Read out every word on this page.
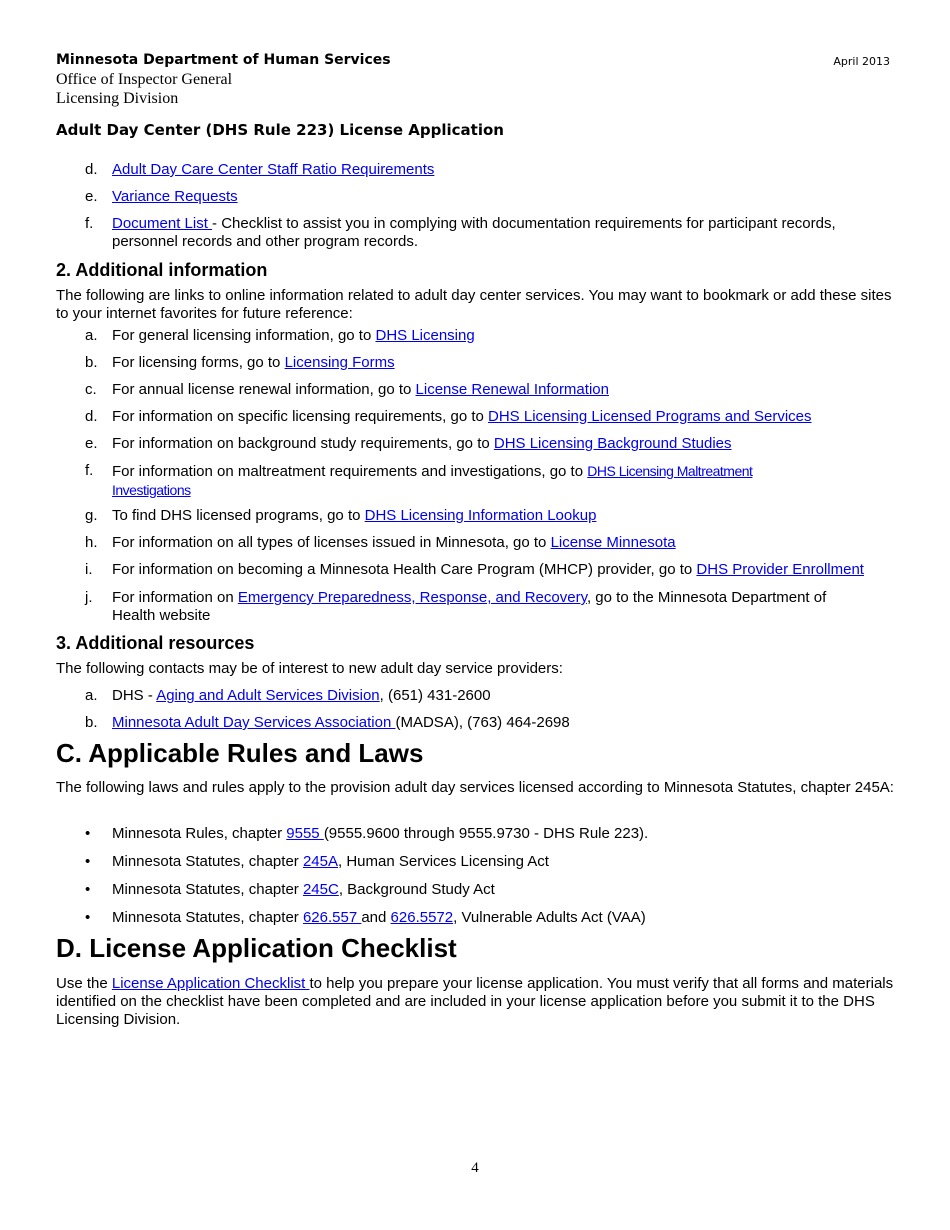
Minnesota Department of Human Services	April 2013
Office of Inspector General
Licensing Division
Adult Day Center (DHS Rule 223) License Application
d. Adult Day Care Center Staff Ratio Requirements
e. Variance Requests
f. Document List - Checklist to assist you in complying with documentation requirements for participant records, personnel records and other program records.
2. Additional information
The following are links to online information related to adult day center services. You may want to bookmark or add these sites to your internet favorites for future reference:
a. For general licensing information, go to DHS Licensing
b. For licensing forms, go to Licensing Forms
c. For annual license renewal information, go to License Renewal Information
d. For information on specific licensing requirements, go to DHS Licensing Licensed Programs and Services
e. For information on background study requirements, go to DHS Licensing Background Studies
f. For information on maltreatment requirements and investigations, go to DHS Licensing Maltreatment Investigations
g. To find DHS licensed programs, go to DHS Licensing Information Lookup
h. For information on all types of licenses issued in Minnesota, go to License Minnesota
i. For information on becoming a Minnesota Health Care Program (MHCP) provider, go to DHS Provider Enrollment
j. For information on Emergency Preparedness, Response, and Recovery, go to the Minnesota Department of Health website
3. Additional resources
The following contacts may be of interest to new adult day service providers:
a. DHS - Aging and Adult Services Division, (651) 431-2600
b. Minnesota Adult Day Services Association (MADSA), (763) 464-2698
C. Applicable Rules and Laws
The following laws and rules apply to the provision adult day services licensed according to Minnesota Statutes, chapter 245A:
• Minnesota Rules, chapter 9555 (9555.9600 through 9555.9730 - DHS Rule 223).
• Minnesota Statutes, chapter 245A, Human Services Licensing Act
• Minnesota Statutes, chapter 245C, Background Study Act
• Minnesota Statutes, chapter 626.557 and 626.5572, Vulnerable Adults Act (VAA)
D. License Application Checklist
Use the License Application Checklist to help you prepare your license application. You must verify that all forms and materials identified on the checklist have been completed and are included in your license application before you submit it to the DHS Licensing Division.
4
